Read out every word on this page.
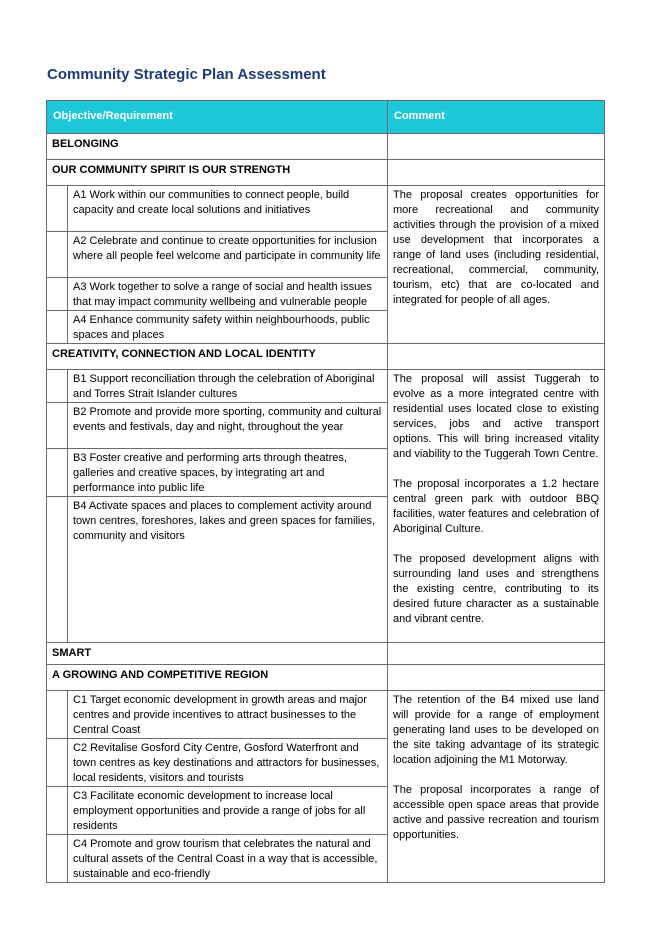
Community Strategic Plan Assessment
Objective/Requirement		Comment
BELONGING		
OUR COMMUNITY SPIRIT IS OUR STRENGTH		
	A1 Work within our communities to connect people, build capacity and create local solutions and initiatives	The proposal creates opportunities for more recreational and community activities through the provision of a mixed use development that incorporates a range of land uses (including residential, recreational, commercial, community, tourism, etc) that are co-located and integrated for people of all ages.

	A2 Celebrate and continue to create opportunities for inclusion where all people feel welcome and participate in community life	
	A3 Work together to solve a range of social and health issues that may impact community wellbeing and vulnerable people	
	A4 Enhance community safety within neighbourhoods, public spaces and places	
CREATIVITY, CONNECTION AND LOCAL IDENTITY		
	B1 Support reconciliation through the celebration of Aboriginal and Torres Strait Islander cultures	The proposal will assist Tuggerah to evolve as a more integrated centre with residential uses located close to existing services, jobs and active transport options. This will bring increased vitality and viability to the Tuggerah Town Centre.

The proposal incorporates a 1.2 hectare central green park with outdoor BBQ facilities, water features and celebration of Aboriginal Culture.

The proposed development aligns with surrounding land uses and strengthens the existing centre, contributing to its desired future character as a sustainable and vibrant centre.

	B2 Promote and provide more sporting, community and cultural events and festivals, day and night, throughout the year	
	B3 Foster creative and performing arts through theatres, galleries and creative spaces, by integrating art and performance into public life	
	B4 Activate spaces and places to complement activity around town centres, foreshores, lakes and green spaces for families, community and visitors	
SMART		
A GROWING AND COMPETITIVE REGION		
	C1 Target economic development in growth areas and major centres and provide incentives to attract businesses to the Central Coast	The retention of the B4 mixed use land will provide for a range of employment generating land uses to be developed on the site taking advantage of its strategic location adjoining the M1 Motorway.

The proposal incorporates a range of accessible open space areas that provide active and passive recreation and tourism opportunities.

	C2 Revitalise Gosford City Centre, Gosford Waterfront and town centres as key destinations and attractors for businesses, local residents, visitors and tourists	
	C3 Facilitate economic development to increase local employment opportunities and provide a range of jobs for all residents	
	C4 Promote and grow tourism that celebrates the natural and cultural assets of the Central Coast in a way that is accessible, sustainable and eco-friendly	
